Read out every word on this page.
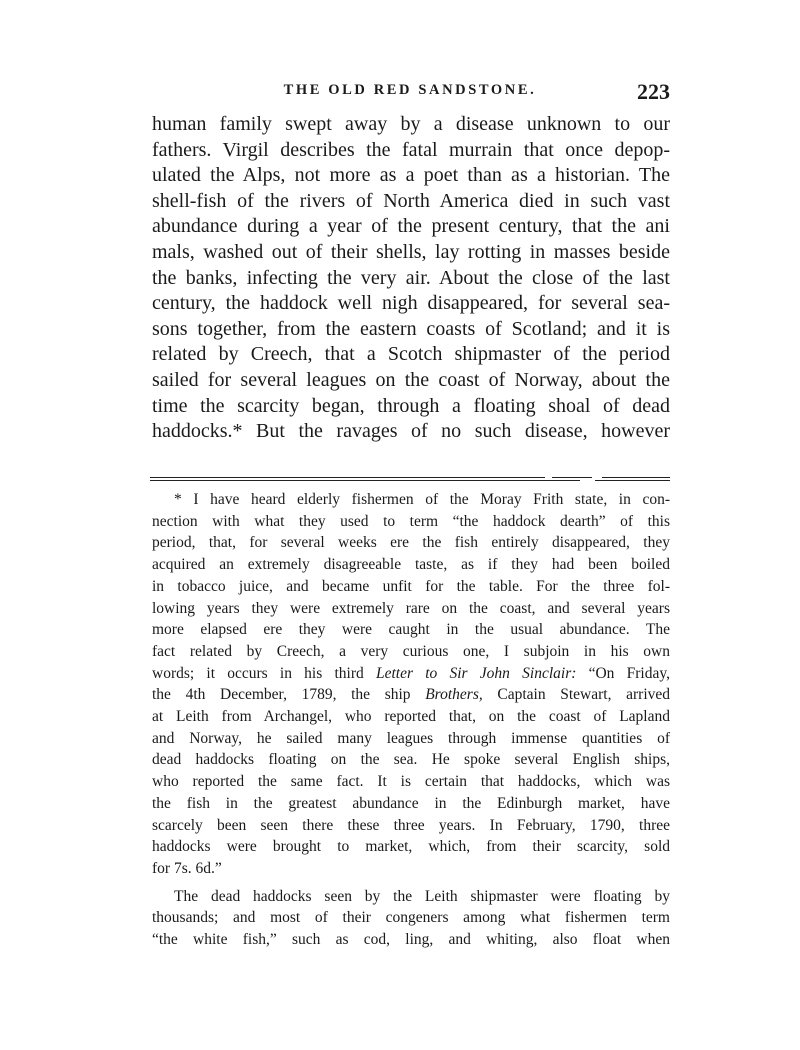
THE OLD RED SANDSTONE.	223
human family swept away by a disease unknown to our
fathers. Virgil describes the fatal murrain that once depop-
ulated the Alps, not more as a poet than as a historian. The
shell-fish of the rivers of North America died in such vast
abundance during a year of the present century, that the ani
mals, washed out of their shells, lay rotting in masses beside
the banks, infecting the very air. About the close of the last
century, the haddock well nigh disappeared, for several sea-
sons together, from the eastern coasts of Scotland; and it is
related by Creech, that a Scotch shipmaster of the period
sailed for several leagues on the coast of Norway, about the
time the scarcity began, through a floating shoal of dead
haddocks.* But the ravages of no such disease, however
* I have heard elderly fishermen of the Moray Frith state, in con-
nection with what they used to term “the haddock dearth” of this
period, that, for several weeks ere the fish entirely disappeared, they
acquired an extremely disagreeable taste, as if they had been boiled
in tobacco juice, and became unfit for the table. For the three fol-
lowing years they were extremely rare on the coast, and several years
more elapsed ere they were caught in the usual abundance. The
fact related by Creech, a very curious one, I subjoin in his own
words; it occurs in his third Letter to Sir John Sinclair: “On Friday,
the 4th December, 1789, the ship Brothers, Captain Stewart, arrived
at Leith from Archangel, who reported that, on the coast of Lapland
and Norway, he sailed many leagues through immense quantities of
dead haddocks floating on the sea. He spoke several English ships,
who reported the same fact. It is certain that haddocks, which was
the fish in the greatest abundance in the Edinburgh market, have
scarcely been seen there these three years. In February, 1790, three
haddocks were brought to market, which, from their scarcity, sold
for 7s. 6d.”
The dead haddocks seen by the Leith shipmaster were floating by
thousands; and most of their congeners among what fishermen term
“the white fish,” such as cod, ling, and whiting, also float when
